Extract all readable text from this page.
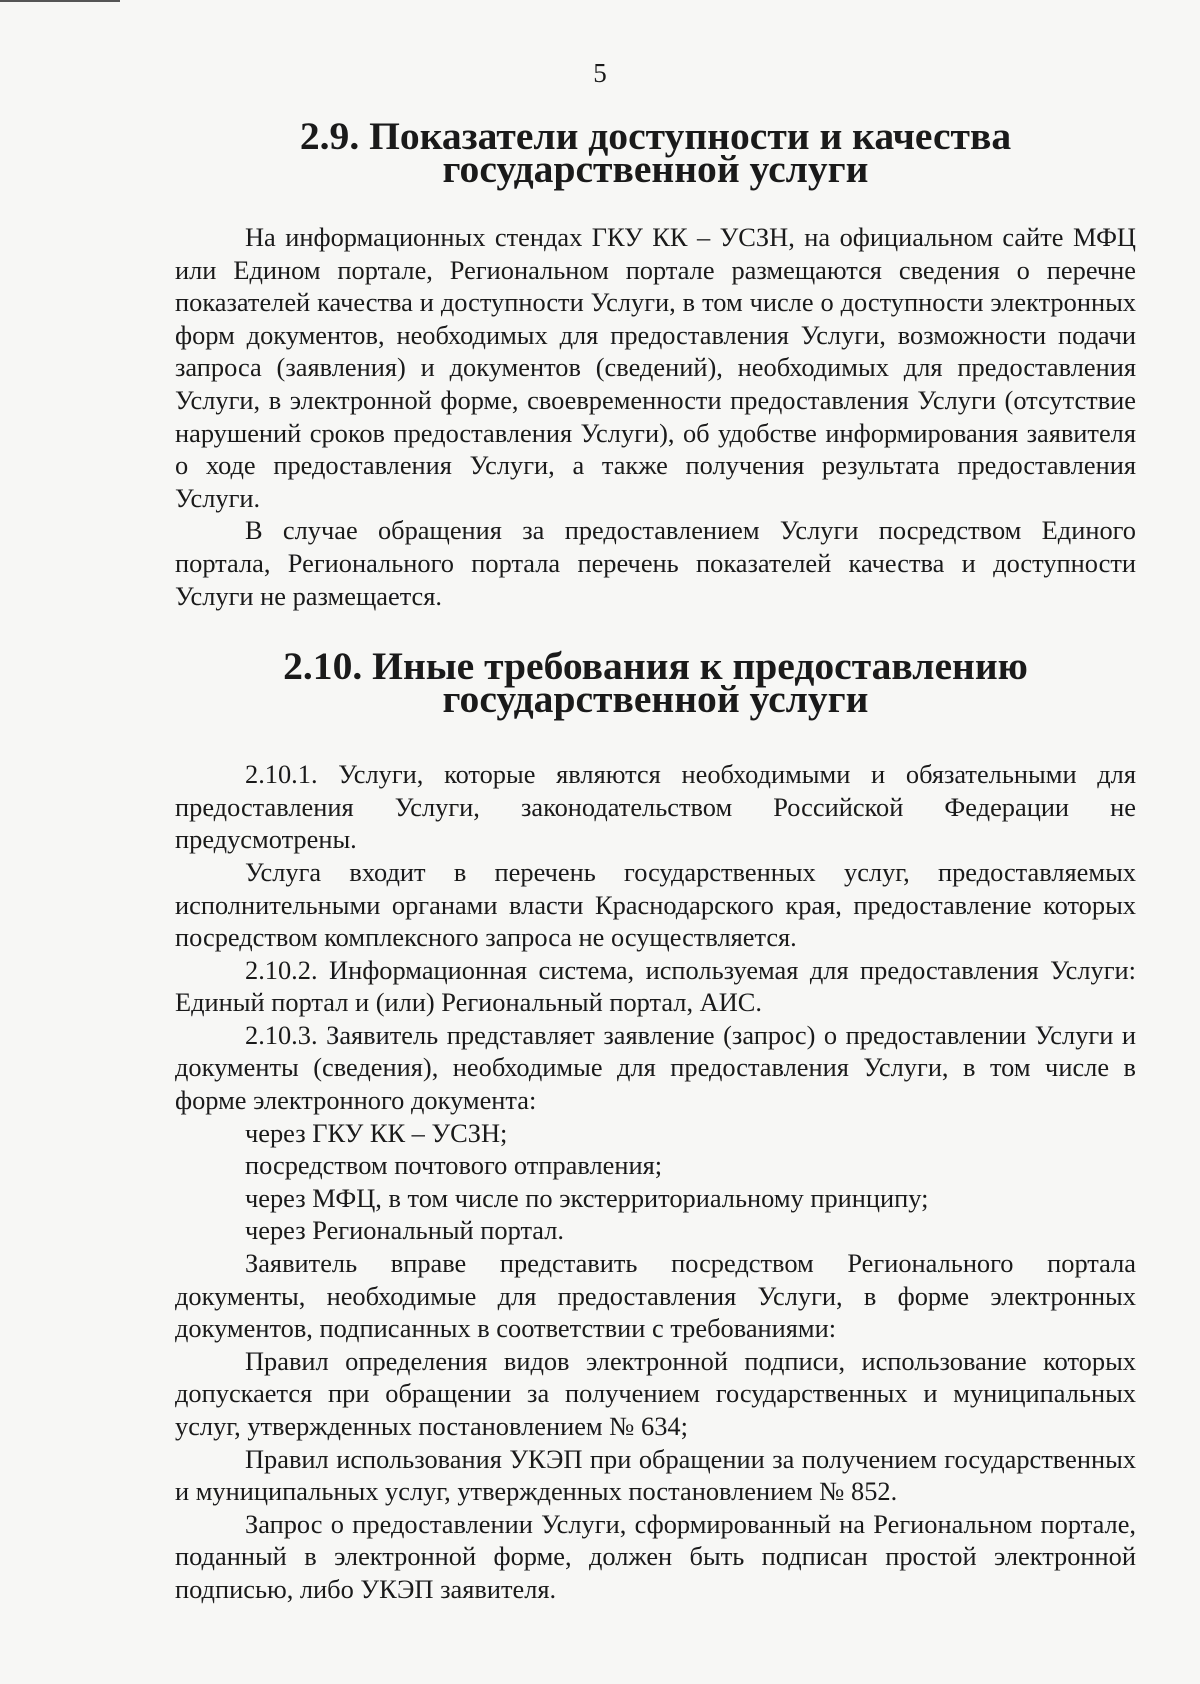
5
2.9. Показатели доступности и качества
государственной услуги

На информационных стендах ГКУ КК – УСЗН, на официальном сайте МФЦ или Едином портале, Региональном портале размещаются сведения о перечне показателей качества и доступности Услуги, в том числе о доступности электронных форм документов, необходимых для предоставления Услуги, возможности подачи запроса (заявления) и документов (сведений), необходимых для предоставления Услуги, в электронной форме, своевременности предоставления Услуги (отсутствие нарушений сроков предоставления Услуги), об удобстве информирования заявителя о ходе предоставления Услуги, а также получения результата предоставления Услуги.

В случае обращения за предоставлением Услуги посредством Единого портала, Регионального портала перечень показателей качества и доступности Услуги не размещается.

2.10. Иные требования к предоставлению
государственной услуги

2.10.1. Услуги, которые являются необходимыми и обязательными для предоставления Услуги, законодательством Российской Федерации не предусмотрены.

Услуга входит в перечень государственных услуг, предоставляемых исполнительными органами власти Краснодарского края, предоставление которых посредством комплексного запроса не осуществляется.

2.10.2. Информационная система, используемая для предоставления Услуги: Единый портал и (или) Региональный портал, АИС.

2.10.3. Заявитель представляет заявление (запрос) о предоставлении Услуги и документы (сведения), необходимые для предоставления Услуги, в том числе в форме электронного документа:

через ГКУ КК – УСЗН;

посредством почтового отправления;

через МФЦ, в том числе по экстерриториальному принципу;

через Региональный портал.

Заявитель вправе представить посредством Регионального портала документы, необходимые для предоставления Услуги, в форме электронных документов, подписанных в соответствии с требованиями:

Правил определения видов электронной подписи, использование которых допускается при обращении за получением государственных и муниципальных услуг, утвержденных постановлением № 634;

Правил использования УКЭП при обращении за получением государственных и муниципальных услуг, утвержденных постановлением № 852.

Запрос о предоставлении Услуги, сформированный на Региональном портале, поданный в электронной форме, должен быть подписан простой электронной подписью, либо УКЭП заявителя.
